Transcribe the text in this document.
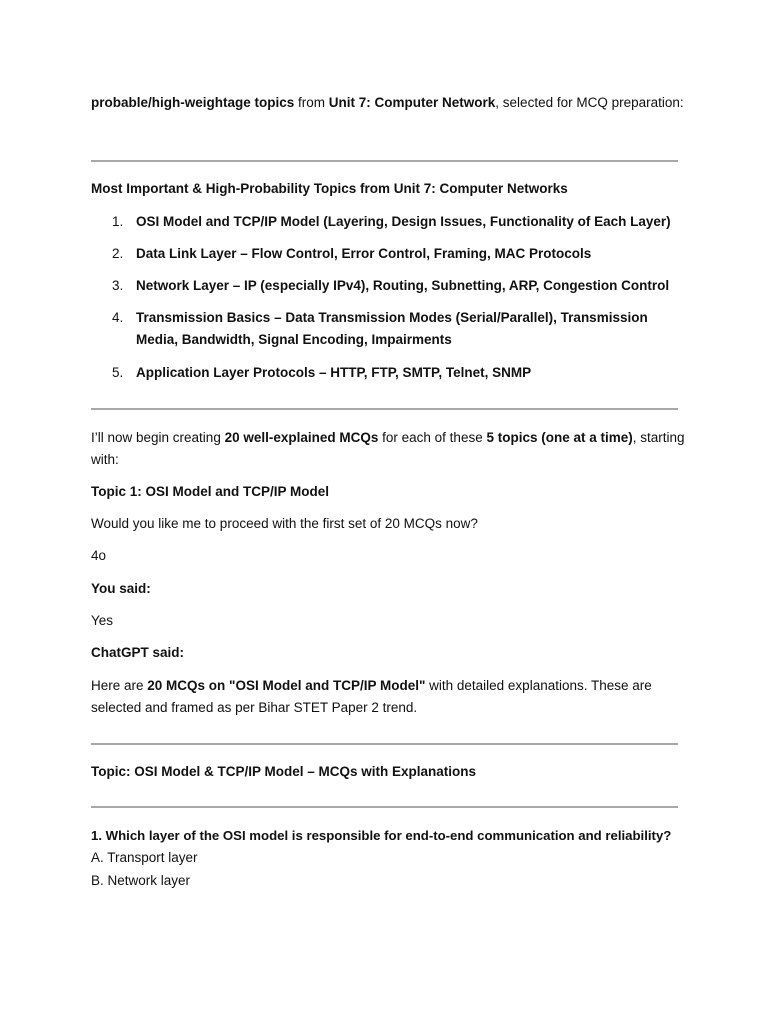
probable/high-weightage topics from Unit 7: Computer Network, selected for MCQ preparation:

Most Important & High-Probability Topics from Unit 7: Computer Networks

1. OSI Model and TCP/IP Model (Layering, Design Issues, Functionality of Each Layer)
2. Data Link Layer – Flow Control, Error Control, Framing, MAC Protocols
3. Network Layer – IP (especially IPv4), Routing, Subnetting, ARP, Congestion Control
4. Transmission Basics – Data Transmission Modes (Serial/Parallel), Transmission Media, Bandwidth, Signal Encoding, Impairments
5. Application Layer Protocols – HTTP, FTP, SMTP, Telnet, SNMP

I’ll now begin creating 20 well-explained MCQs for each of these 5 topics (one at a time), starting with:

Topic 1: OSI Model and TCP/IP Model

Would you like me to proceed with the first set of 20 MCQs now?

4o

You said:

Yes

ChatGPT said:

Here are 20 MCQs on "OSI Model and TCP/IP Model" with detailed explanations. These are selected and framed as per Bihar STET Paper 2 trend.

Topic: OSI Model & TCP/IP Model – MCQs with Explanations

1. Which layer of the OSI model is responsible for end-to-end communication and reliability?

A. Transport layer

B. Network layer
